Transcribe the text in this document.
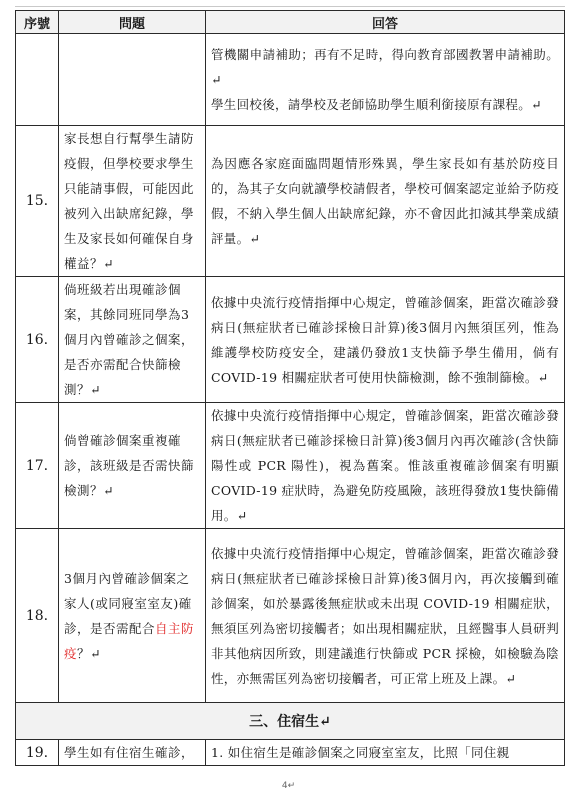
序號	問題	回答

		管機關申請補助；再有不足時，得向教育部國教署申請補助。↵

學生回校後，請學校及老師協助學生順利銜接原有課程。↵

15.	家長想自行幫學生請防疫假，但學校要求學生只能請事假，可能因此被列入出缺席紀錄，學生及家長如何確保自身權益？↵	為因應各家庭面臨問題情形殊異，學生家長如有基於防疫目的，為其子女向就讀學校請假者，學校可個案認定並給予防疫假，不納入學生個人出缺席紀錄，亦不會因此扣減其學業成績評量。↵

16.	倘班級若出現確診個案，其餘同班同學為3個月內曾確診之個案，是否亦需配合快篩檢測？↵	依據中央流行疫情指揮中心規定，曾確診個案，距當次確診發病日(無症狀者已確診採檢日計算)後3個月內無須匡列，惟為維護學校防疫安全，建議仍發放1支快篩予學生備用，倘有 COVID-19 相關症狀者可使用快篩檢測，餘不強制篩檢。↵

17.	倘曾確診個案重複確診，該班級是否需快篩檢測？↵	依據中央流行疫情指揮中心規定，曾確診個案，距當次確診發病日(無症狀者已確診採檢日計算)後3個月內再次確診(含快篩陽性或 PCR 陽性)，視為舊案。惟該重複確診個案有明顯 COVID-19 症狀時，為避免防疫風險，該班得發放1隻快篩備用。↵

18.	3個月內曾確診個案之家人(或同寢室室友)確診，是否需配合自主防疫？↵	依據中央流行疫情指揮中心規定，曾確診個案，距當次確診發病日(無症狀者已確診採檢日計算)後3個月內，再次接觸到確診個案，如於暴露後無症狀或未出現 COVID-19 相關症狀，無須匡列為密切接觸者；如出現相關症狀，且經醫事人員研判非其他病因所致，則建議進行快篩或 PCR 採檢，如檢驗為陰性，亦無需匡列為密切接觸者，可正常上班及上課。↵

三、住宿生↵		
19.	學生如有住宿生確診，	1. 如住宿生是確診個案之同寢室室友，比照「同住親
4↵
